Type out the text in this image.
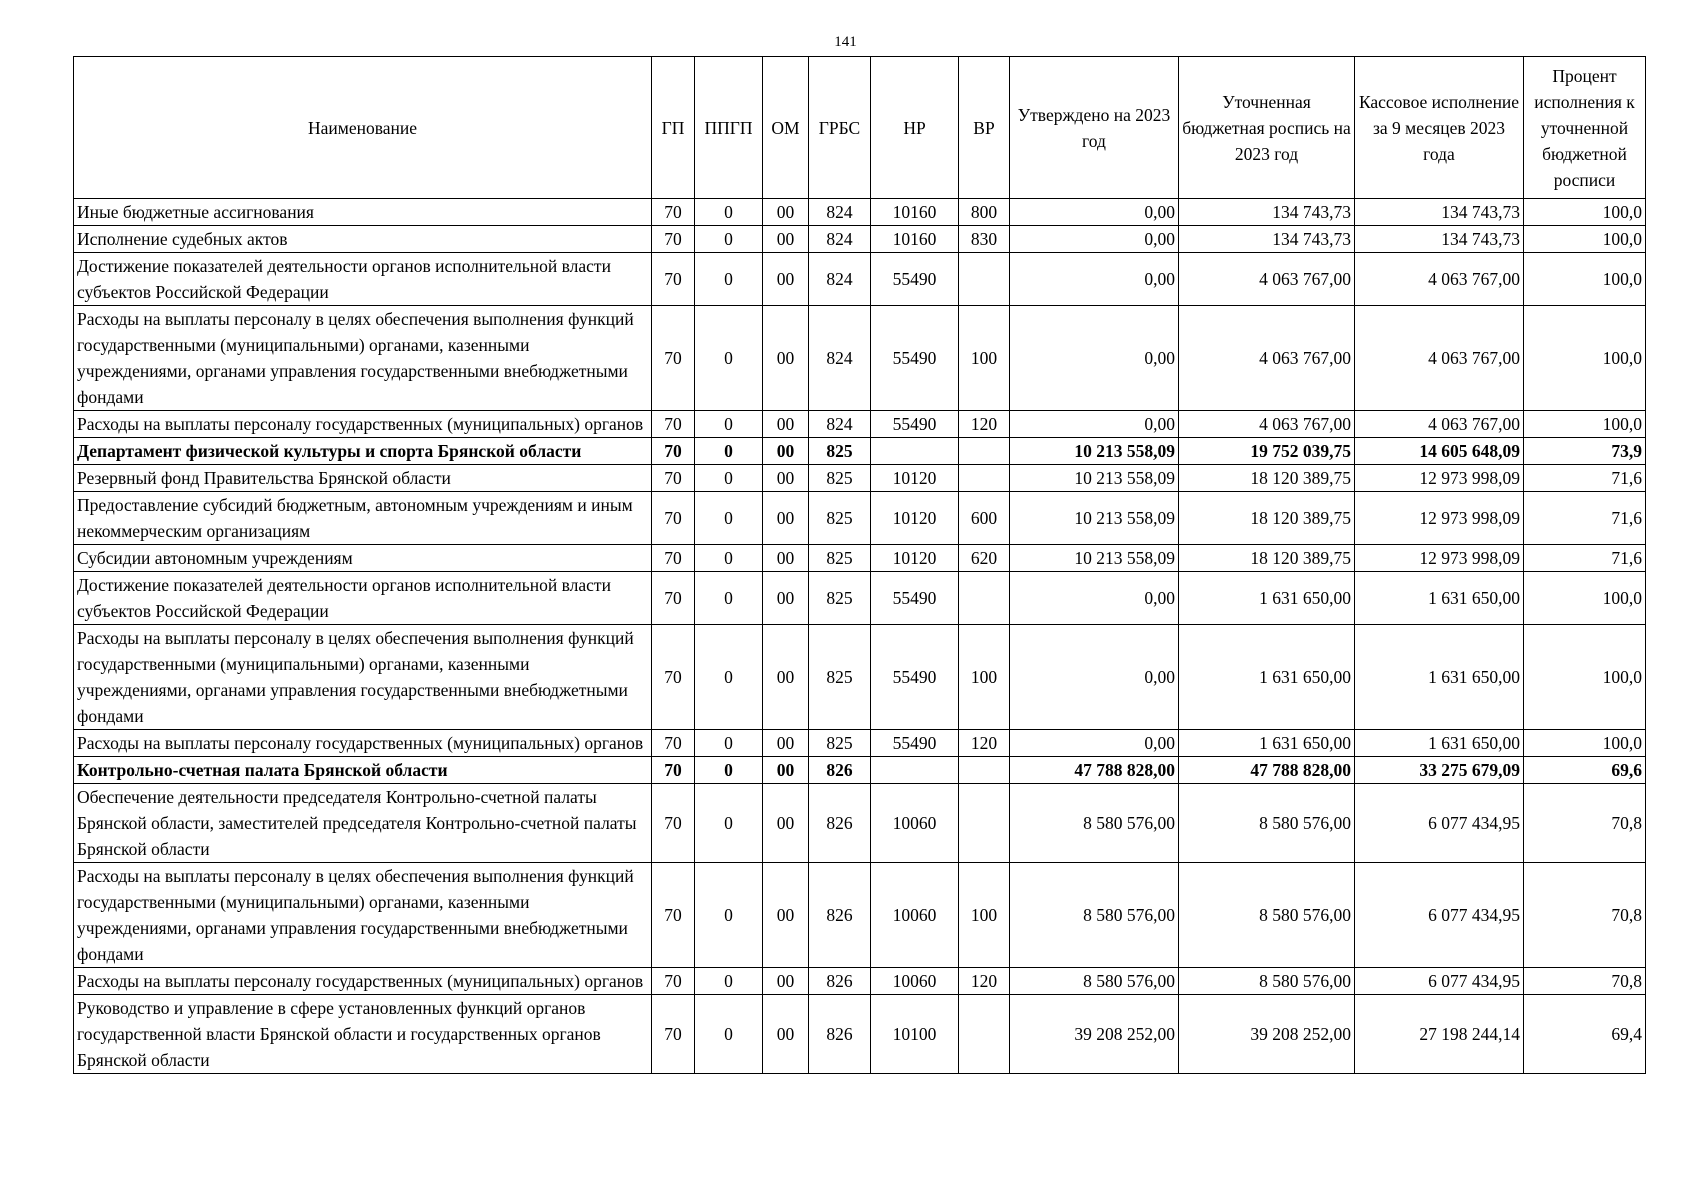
141
Наименование	ГП	ППГП	ОМ	ГРБС	НР	ВР	Утверждено на 2023 год	Уточненная бюджетная роспись на 2023 год	Кассовое исполнение за 9 месяцев 2023 года	Процент исполнения к уточненной бюджетной росписи
Иные бюджетные ассигнования	70	0	00	824	10160	800	0,00	134 743,73	134 743,73	100,0
Исполнение судебных актов	70	0	00	824	10160	830	0,00	134 743,73	134 743,73	100,0
Достижение показателей деятельности органов исполнительной власти субъектов Российской Федерации	70	0	00	824	55490		0,00	4 063 767,00	4 063 767,00	100,0
Расходы на выплаты персоналу в целях обеспечения выполнения функций государственными (муниципальными) органами, казенными учреждениями, органами управления государственными внебюджетными фондами	70	0	00	824	55490	100	0,00	4 063 767,00	4 063 767,00	100,0
Расходы на выплаты персоналу государственных (муниципальных) органов	70	0	00	824	55490	120	0,00	4 063 767,00	4 063 767,00	100,0
Департамент физической культуры и спорта Брянской области	70	0	00	825			10 213 558,09	19 752 039,75	14 605 648,09	73,9
Резервный фонд Правительства Брянской области	70	0	00	825	10120		10 213 558,09	18 120 389,75	12 973 998,09	71,6
Предоставление субсидий бюджетным, автономным учреждениям и иным некоммерческим организациям	70	0	00	825	10120	600	10 213 558,09	18 120 389,75	12 973 998,09	71,6
Субсидии автономным учреждениям	70	0	00	825	10120	620	10 213 558,09	18 120 389,75	12 973 998,09	71,6
Достижение показателей деятельности органов исполнительной власти субъектов Российской Федерации	70	0	00	825	55490		0,00	1 631 650,00	1 631 650,00	100,0
Расходы на выплаты персоналу в целях обеспечения выполнения функций государственными (муниципальными) органами, казенными учреждениями, органами управления государственными внебюджетными фондами	70	0	00	825	55490	100	0,00	1 631 650,00	1 631 650,00	100,0
Расходы на выплаты персоналу государственных (муниципальных) органов	70	0	00	825	55490	120	0,00	1 631 650,00	1 631 650,00	100,0
Контрольно-счетная палата Брянской области	70	0	00	826			47 788 828,00	47 788 828,00	33 275 679,09	69,6
Обеспечение деятельности председателя Контрольно-счетной палаты Брянской области, заместителей председателя Контрольно-счетной палаты Брянской области	70	0	00	826	10060		8 580 576,00	8 580 576,00	6 077 434,95	70,8
Расходы на выплаты персоналу в целях обеспечения выполнения функций государственными (муниципальными) органами, казенными учреждениями, органами управления государственными внебюджетными фондами	70	0	00	826	10060	100	8 580 576,00	8 580 576,00	6 077 434,95	70,8
Расходы на выплаты персоналу государственных (муниципальных) органов	70	0	00	826	10060	120	8 580 576,00	8 580 576,00	6 077 434,95	70,8
Руководство и управление в сфере установленных функций органов государственной власти Брянской области и государственных органов Брянской области	70	0	00	826	10100		39 208 252,00	39 208 252,00	27 198 244,14	69,4
